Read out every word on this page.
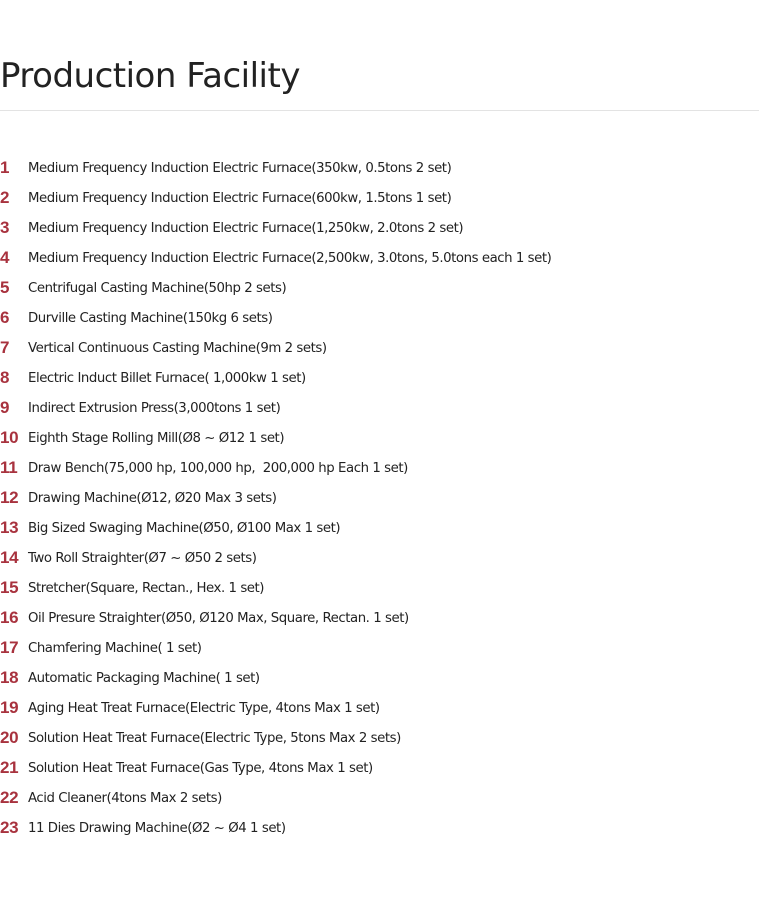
Production Facility
1	Medium Frequency Induction Electric Furnace(350kw, 0.5tons 2 set)
2	Medium Frequency Induction Electric Furnace(600kw, 1.5tons 1 set)
3	Medium Frequency Induction Electric Furnace(1,250kw, 2.0tons 2 set)
4	Medium Frequency Induction Electric Furnace(2,500kw, 3.0tons, 5.0tons each 1 set)
5	Centrifugal Casting Machine(50hp 2 sets)
6	Durville Casting Machine(150kg 6 sets)
7	Vertical Continuous Casting Machine(9m 2 sets)
8	Electric Induct Billet Furnace( 1,000kw 1 set)
9	Indirect Extrusion Press(3,000tons 1 set)
10 Eighth Stage Rolling Mill(Ø8 ~ Ø12 1 set)
11 Draw Bench(75,000 hp, 100,000 hp,  200,000 hp Each 1 set)
12 Drawing Machine(Ø12, Ø20 Max 3 sets)
13 Big Sized Swaging Machine(Ø50, Ø100 Max 1 set)
14 Two Roll Straighter(Ø7 ~ Ø50 2 sets)
15 Stretcher(Square, Rectan., Hex. 1 set)
16 Oil Presure Straighter(Ø50, Ø120 Max, Square, Rectan. 1 set)
17 Chamfering Machine( 1 set)
18 Automatic Packaging Machine( 1 set)
19 Aging Heat Treat Furnace(Electric Type, 4tons Max 1 set)
20 Solution Heat Treat Furnace(Electric Type, 5tons Max 2 sets)
21 Solution Heat Treat Furnace(Gas Type, 4tons Max 1 set)
22 Acid Cleaner(4tons Max 2 sets)
23 11 Dies Drawing Machine(Ø2 ~ Ø4 1 set)
